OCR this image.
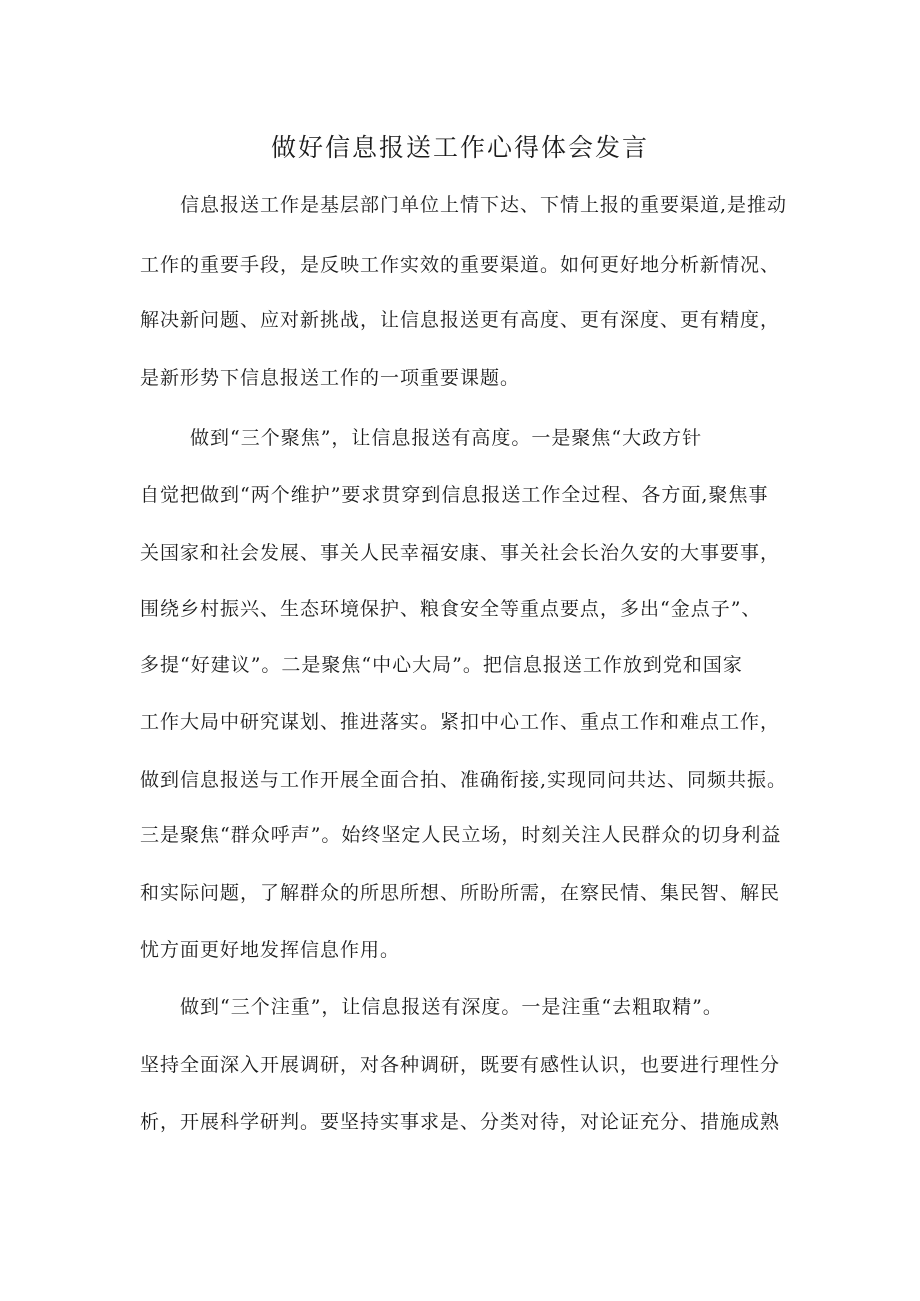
做好信息报送工作心得体会发言

信息报送工作是基层部门单位上情下达、下情上报的重要渠道,是推动

工作的重要手段，是反映工作实效的重要渠道。如何更好地分析新情况、

解决新问题、应对新挑战，让信息报送更有高度、更有深度、更有精度，

是新形势下信息报送工作的一项重要课题。

做到“三个聚焦”，让信息报送有高度。一是聚焦“大政方针

自觉把做到“两个维护”要求贯穿到信息报送工作全过程、各方面,聚焦事

关国家和社会发展、事关人民幸福安康、事关社会长治久安的大事要事，

围绕乡村振兴、生态环境保护、粮食安全等重点要点，多出“金点子”、

多提“好建议”。二是聚焦“中心大局”。把信息报送工作放到党和国家

工作大局中研究谋划、推进落实。紧扣中心工作、重点工作和难点工作，

做到信息报送与工作开展全面合拍、准确衔接,实现同问共达、同频共振。

三是聚焦“群众呼声”。始终坚定人民立场，时刻关注人民群众的切身利益

和实际问题，了解群众的所思所想、所盼所需，在察民情、集民智、解民

忧方面更好地发挥信息作用。

做到“三个注重”，让信息报送有深度。一是注重“去粗取精”。

坚持全面深入开展调研，对各种调研，既要有感性认识，也要进行理性分

析，开展科学研判。要坚持实事求是、分类对待，对论证充分、措施成熟
